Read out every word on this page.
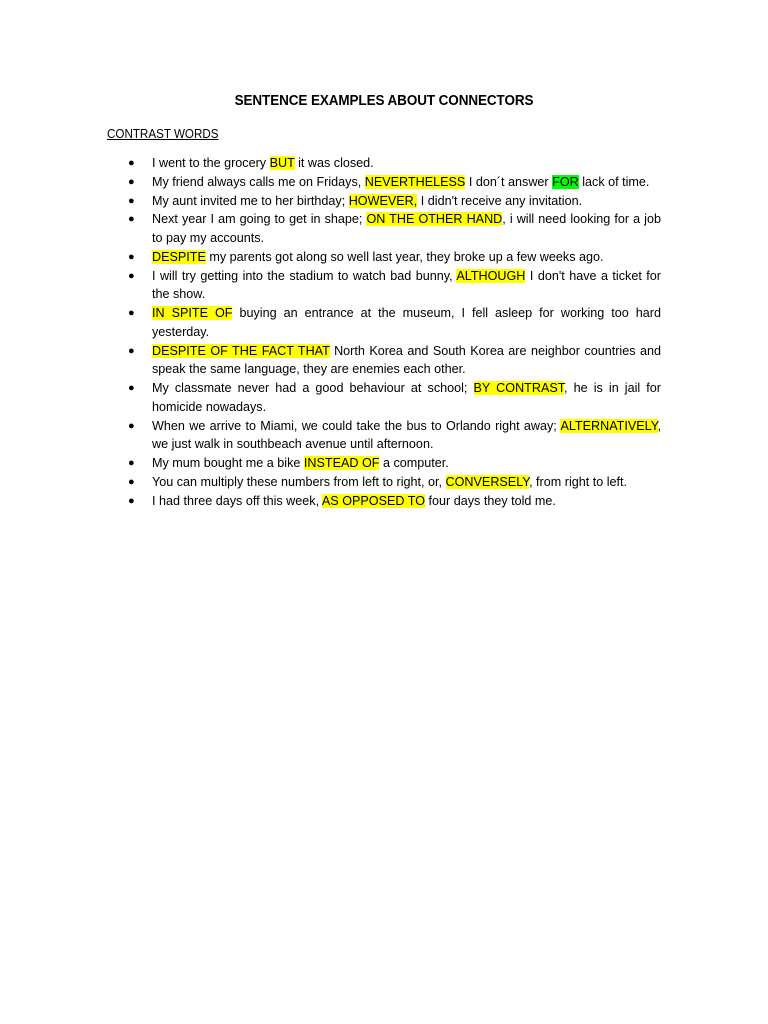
SENTENCE EXAMPLES ABOUT CONNECTORS
CONTRAST WORDS
● I went to the grocery BUT it was closed.
● My friend always calls me on Fridays, NEVERTHELESS I don´t answer FOR lack of time.
● My aunt invited me to her birthday; HOWEVER, I didn't receive any invitation.
● Next year I am going to get in shape; ON THE OTHER HAND, i will need looking for a job to pay my accounts.
● DESPITE my parents got along so well last year, they broke up a few weeks ago.
● I will try getting into the stadium to watch bad bunny, ALTHOUGH I don't have a ticket for the show.
● IN SPITE OF buying an entrance at the museum, I fell asleep for working too hard yesterday.
● DESPITE OF THE FACT THAT North Korea and South Korea are neighbor countries and speak the same language, they are enemies each other.
● My classmate never had a good behaviour at school; BY CONTRAST, he is in jail for homicide nowadays.
● When we arrive to Miami, we could take the bus to Orlando right away; ALTERNATIVELY, we just walk in southbeach avenue until afternoon.
● My mum bought me a bike INSTEAD OF a computer.
● You can multiply these numbers from left to right, or, CONVERSELY, from right to left.
● I had three days off this week, AS OPPOSED TO four days they told me.
